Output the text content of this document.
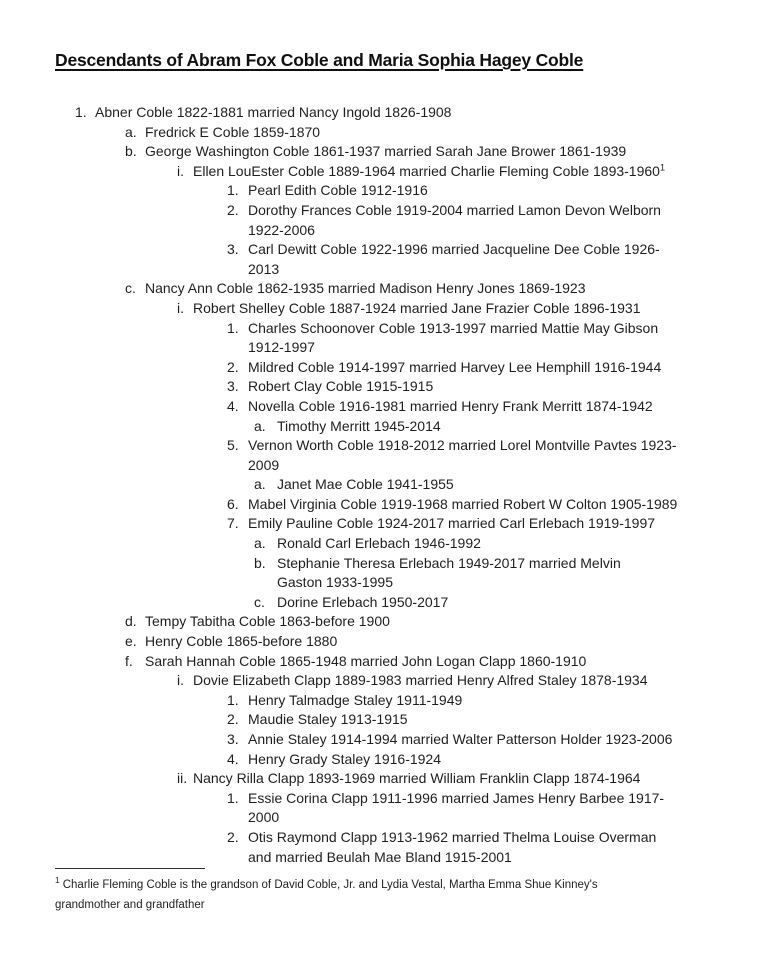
Descendants of Abram Fox Coble and Maria Sophia Hagey Coble
1. Abner Coble 1822-1881 married Nancy Ingold 1826-1908
a. Fredrick E Coble 1859-1870
b. George Washington Coble 1861-1937 married Sarah Jane Brower 1861-1939
i. Ellen LouEster Coble 1889-1964 married Charlie Fleming Coble 1893-1960$^1$
1. Pearl Edith Coble 1912-1916
2. Dorothy Frances Coble 1919-2004 married Lamon Devon Welborn
1922-2006
3. Carl Dewitt Coble 1922-1996 married Jacqueline Dee Coble 1926-
2013
c. Nancy Ann Coble 1862-1935 married Madison Henry Jones 1869-1923
i. Robert Shelley Coble 1887-1924 married Jane Frazier Coble 1896-1931
1. Charles Schoonover Coble 1913-1997 married Mattie May Gibson
1912-1997
2. Mildred Coble 1914-1997 married Harvey Lee Hemphill 1916-1944
3. Robert Clay Coble 1915-1915
4. Novella Coble 1916-1981 married Henry Frank Merritt 1874-1942
a. Timothy Merritt 1945-2014
5. Vernon Worth Coble 1918-2012 married Lorel Montville Pavtes 1923-
2009
a. Janet Mae Coble 1941-1955
6. Mabel Virginia Coble 1919-1968 married Robert W Colton 1905-1989
7. Emily Pauline Coble 1924-2017 married Carl Erlebach 1919-1997
a. Ronald Carl Erlebach 1946-1992
b. Stephanie Theresa Erlebach 1949-2017 married Melvin
Gaston 1933-1995
c. Dorine Erlebach 1950-2017
d. Tempy Tabitha Coble 1863-before 1900
e. Henry Coble 1865-before 1880
f. Sarah Hannah Coble 1865-1948 married John Logan Clapp 1860-1910
i. Dovie Elizabeth Clapp 1889-1983 married Henry Alfred Staley 1878-1934
1. Henry Talmadge Staley 1911-1949
2. Maudie Staley 1913-1915
3. Annie Staley 1914-1994 married Walter Patterson Holder 1923-2006
4. Henry Grady Staley 1916-1924
ii. Nancy Rilla Clapp 1893-1969 married William Franklin Clapp 1874-1964
1. Essie Corina Clapp 1911-1996 married James Henry Barbee 1917-
2000
2. Otis Raymond Clapp 1913-1962 married Thelma Louise Overman
and married Beulah Mae Bland 1915-2001

$^1$ Charlie Fleming Coble is the grandson of David Coble, Jr. and Lydia Vestal, Martha Emma Shue Kinney's
grandmother and grandfather
